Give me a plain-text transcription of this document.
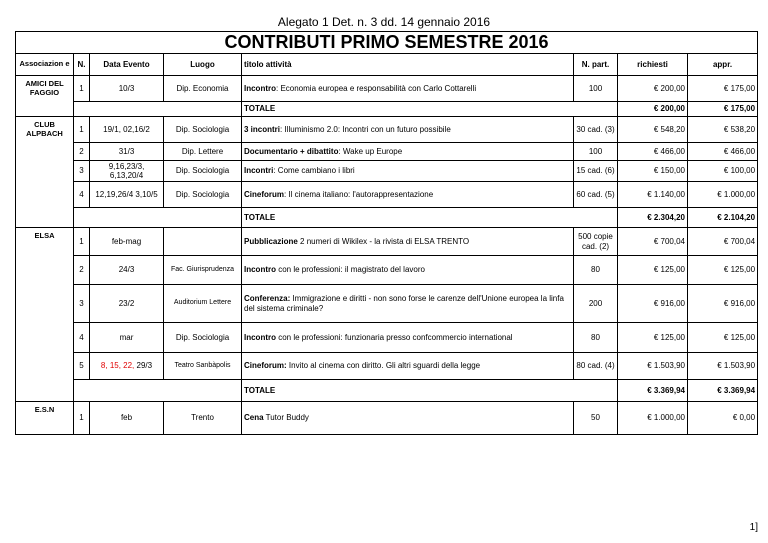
Alegato 1 Det. n. 3 dd. 14 gennaio 2016
CONTRIBUTI PRIMO SEMESTRE 2016							
Associazion e	N.	Data Evento	Luogo	titolo attività	N. part.	richiesti	appr.
AMICI DEL FAGGIO	1	10/3	Dip. Economia	Incontro: Economia europea e responsabilità con Carlo Cottarelli	100	€ 200,00	€ 175,00
				TOTALE		€ 200,00	€ 175,00
CLUB ALPBACH	1	19/1, 02,16/2	Dip. Sociologia	3 incontri: Illuminismo 2.0: Incontri con un futuro possibile	30 cad. (3)	€ 548,20	€ 538,20
	2	31/3	Dip. Lettere	Documentario + dibattito: Wake up Europe	100	€ 466,00	€ 466,00
	3	9,16,23/3, 6,13,20/4	Dip. Sociologia	Incontri: Come cambiano i libri	15 cad. (6)	€ 150,00	€ 100,00
	4	12,19,26/4 3,10/5	Dip. Sociologia	Cineforum: Il cinema italiano: l'autorappresentazione	60 cad. (5)	€ 1.140,00	€ 1.000,00
				TOTALE		€ 2.304,20	€ 2.104,20
ELSA	1	feb-mag		Pubblicazione 2 numeri di Wikilex - la rivista di ELSA TRENTO	500 copie cad. (2)	€ 700,04	€ 700,04
	2	24/3	Fac. Giurisprudenza	Incontro con le professioni: il magistrato del lavoro	80	€ 125,00	€ 125,00
	3	23/2	Auditorium Lettere	Conferenza: Immigrazione e diritti - non sono forse le carenze dell'Unione europea la linfa del sistema criminale?	200	€ 916,00	€ 916,00
	4	mar	Dip. Sociologia	Incontro con le professioni: funzionaria presso confcommercio international	80	€ 125,00	€ 125,00
	5	8, 15, 22, 29/3	Teatro Sanbàpolis	Cineforum: Invito al cinema con diritto. Gli altri sguardi della legge	80 cad. (4)	€ 1.503,90	€ 1.503,90
				TOTALE		€ 3.369,94	€ 3.369,94
E.S.N	1	feb	Trento	Cena Tutor Buddy	50	€ 1.000,00	€ 0,00
1]
